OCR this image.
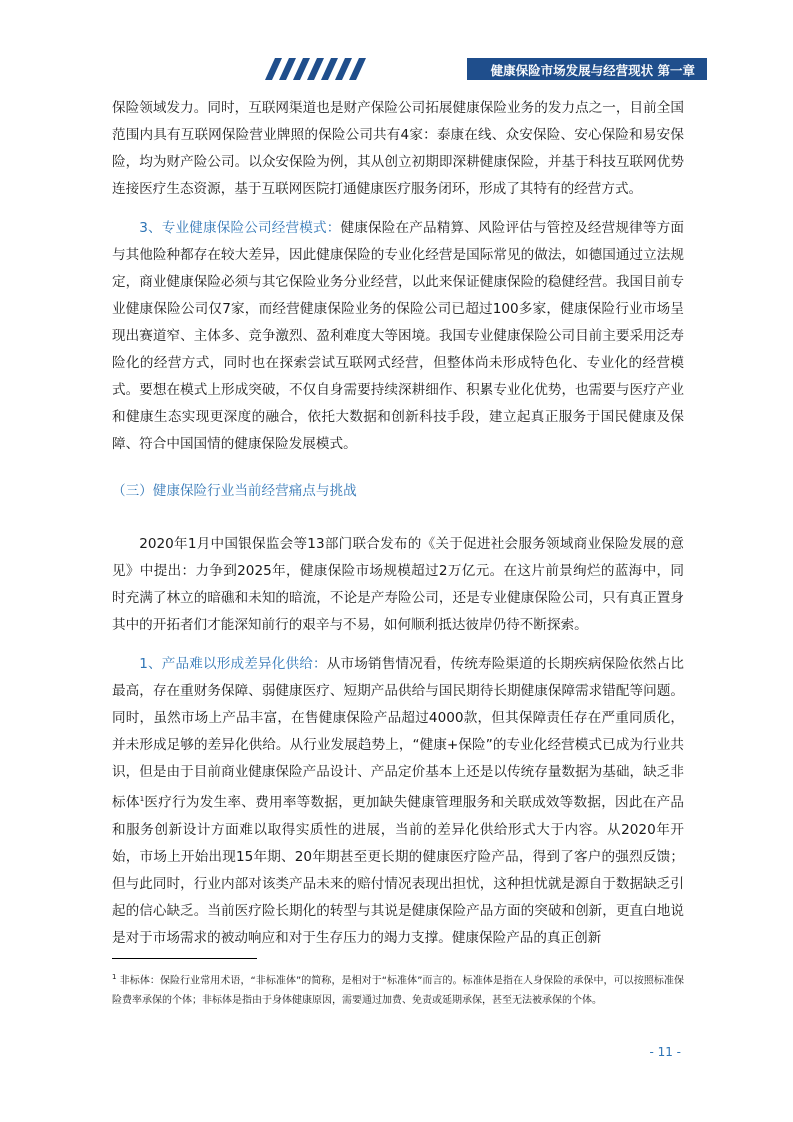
健康保险市场发展与经营现状 第一章

保险领域发力。同时，互联网渠道也是财产保险公司拓展健康保险业务的发力点之一，目前全国范围内具有互联网保险营业牌照的保险公司共有4家：泰康在线、众安保险、安心保险和易安保险，均为财产险公司。以众安保险为例，其从创立初期即深耕健康保险，并基于科技互联网优势连接医疗生态资源，基于互联网医院打通健康医疗服务闭环，形成了其特有的经营方式。

3、专业健康保险公司经营模式：健康保险在产品精算、风险评估与管控及经营规律等方面与其他险种都存在较大差异，因此健康保险的专业化经营是国际常见的做法，如德国通过立法规定，商业健康保险必须与其它保险业务分业经营，以此来保证健康保险的稳健经营。我国目前专业健康保险公司仅7家，而经营健康保险业务的保险公司已超过100多家，健康保险行业市场呈现出赛道窄、主体多、竞争激烈、盈利难度大等困境。我国专业健康保险公司目前主要采用泛寿险化的经营方式，同时也在探索尝试互联网式经营，但整体尚未形成特色化、专业化的经营模式。要想在模式上形成突破，不仅自身需要持续深耕细作、积累专业化优势，也需要与医疗产业和健康生态实现更深度的融合，依托大数据和创新科技手段，建立起真正服务于国民健康及保障、符合中国国情的健康保险发展模式。

（三）健康保险行业当前经营痛点与挑战

2020年1月中国银保监会等13部门联合发布的《关于促进社会服务领域商业保险发展的意见》中提出：力争到2025年，健康保险市场规模超过2万亿元。在这片前景绚烂的蓝海中，同时充满了林立的暗礁和未知的暗流，不论是产寿险公司，还是专业健康保险公司，只有真正置身其中的开拓者们才能深知前行的艰辛与不易，如何顺利抵达彼岸仍待不断探索。

1、产品难以形成差异化供给：从市场销售情况看，传统寿险渠道的长期疾病保险依然占比最高，存在重财务保障、弱健康医疗、短期产品供给与国民期待长期健康保障需求错配等问题。同时，虽然市场上产品丰富，在售健康保险产品超过4000款，但其保障责任存在严重同质化，并未形成足够的差异化供给。从行业发展趋势上，“健康+保险”的专业化经营模式已成为行业共识，但是由于目前商业健康保险产品设计、产品定价基本上还是以传统存量数据为基础，缺乏非标体$^1$医疗行为发生率、费用率等数据，更加缺失健康管理服务和关联成效等数据，因此在产品和服务创新设计方面难以取得实质性的进展，当前的差异化供给形式大于内容。从2020年开始，市场上开始出现15年期、20年期甚至更长期的健康医疗险产品，得到了客户的强烈反馈；但与此同时，行业内部对该类产品未来的赔付情况表现出担忧，这种担忧就是源自于数据缺乏引起的信心缺乏。当前医疗险长期化的转型与其说是健康保险产品方面的突破和创新，更直白地说是对于市场需求的被动响应和对于生存压力的竭力支撑。健康保险产品的真正创新

$^1$ 非标体：保险行业常用术语，“非标准体”的简称，是相对于“标准体”而言的。标准体是指在人身保险的承保中，可以按照标准保险费率承保的个体；非标体是指由于身体健康原因，需要通过加费、免责或延期承保，甚至无法被承保的个体。
- 11 -
